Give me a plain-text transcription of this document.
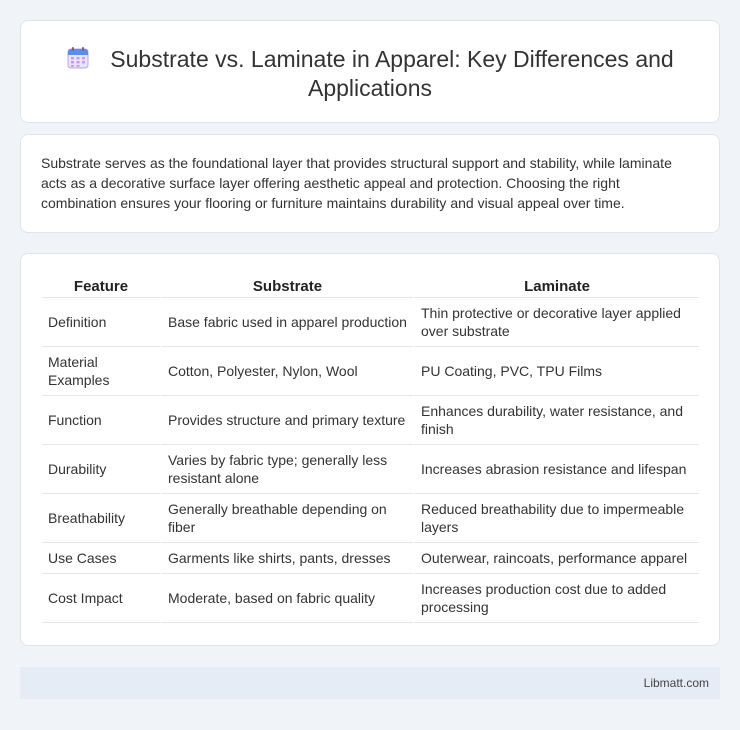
Substrate vs. Laminate in Apparel: Key Differences and Applications

Substrate serves as the foundational layer that provides structural support and stability, while laminate acts as a decorative surface layer offering aesthetic appeal and protection. Choosing the right combination ensures your flooring or furniture maintains durability and visual appeal over time.

Feature	Substrate	Laminate
Definition	Base fabric used in apparel production	Thin protective or decorative layer applied over substrate
Material Examples	Cotton, Polyester, Nylon, Wool	PU Coating, PVC, TPU Films
Function	Provides structure and primary texture	Enhances durability, water resistance, and finish
Durability	Varies by fabric type; generally less resistant alone	Increases abrasion resistance and lifespan
Breathability	Generally breathable depending on fiber	Reduced breathability due to impermeable layers
Use Cases	Garments like shirts, pants, dresses	Outerwear, raincoats, performance apparel
Cost Impact	Moderate, based on fabric quality	Increases production cost due to added processing
Libmatt.com
